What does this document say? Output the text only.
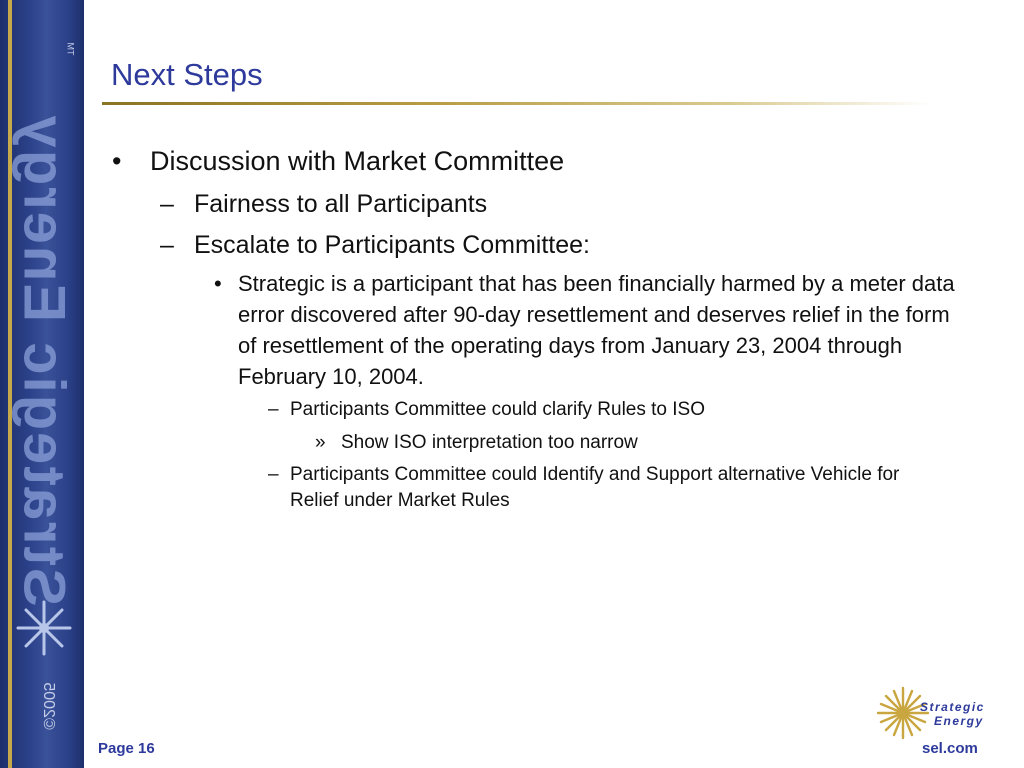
TM
Strategic Energy
©2005
Next Steps
• Discussion with Market Committee
– Fairness to all Participants
– Escalate to Participants Committee:
• Strategic is a participant that has been financially harmed by a meter data error discovered after 90-day resettlement and deserves relief in the form of resettlement of the operating days from January 23, 2004 through February 10, 2004.
– Participants Committee could clarify Rules to ISO
» Show ISO interpretation too narrow
– Participants Committee could Identify and Support alternative Vehicle for Relief under Market Rules
Page 16
Strategic
Energy
sel.com
